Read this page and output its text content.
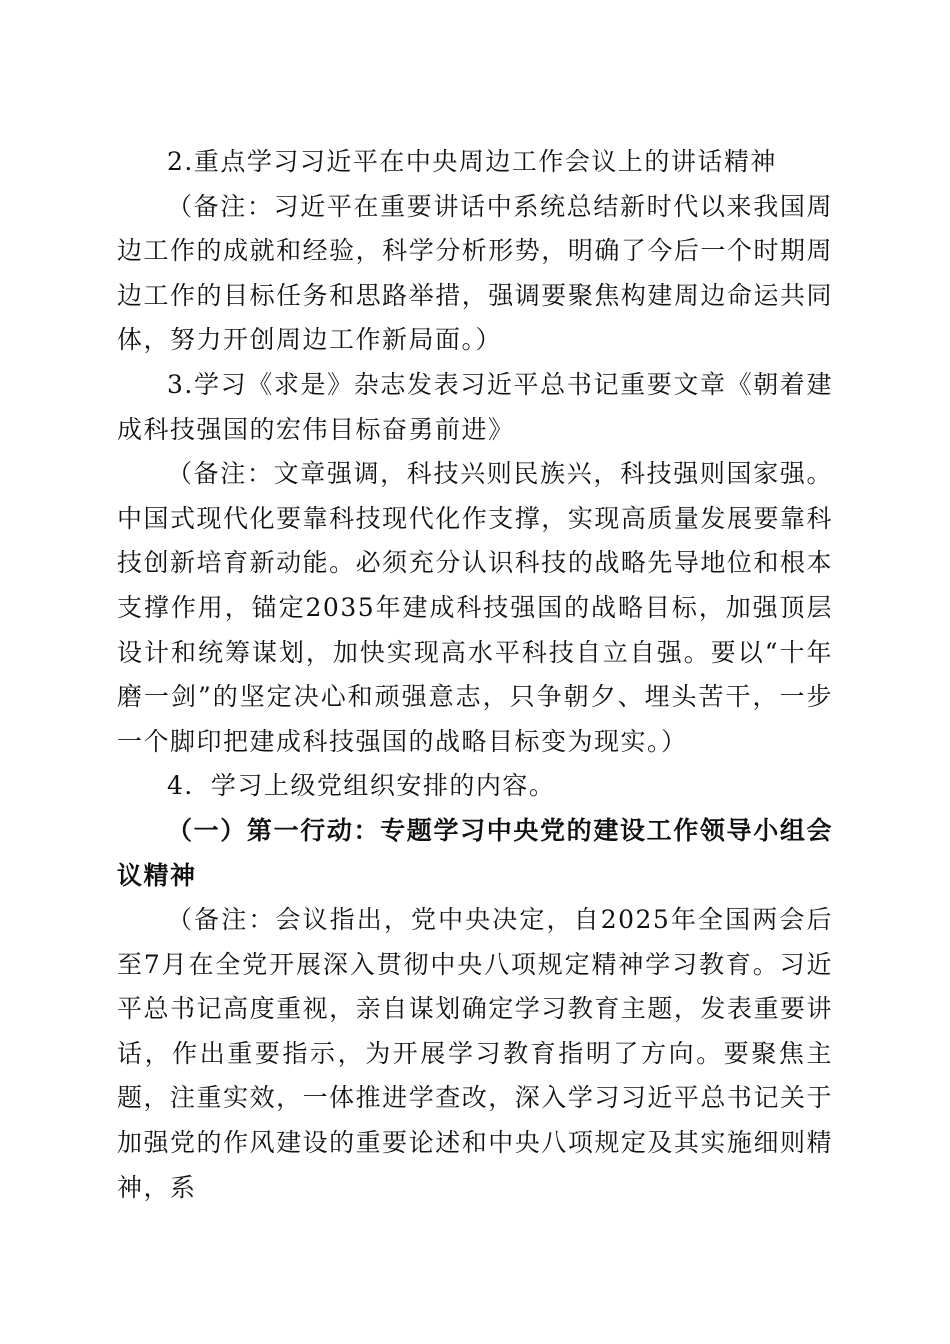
2.重点学习习近平在中央周边工作会议上的讲话精神

（备注：习近平在重要讲话中系统总结新时代以来我国周边工作的成就和经验，科学分析形势，明确了今后一个时期周边工作的目标任务和思路举措，强调要聚焦构建周边命运共同体，努力开创周边工作新局面。）

3.学习《求是》杂志发表习近平总书记重要文章《朝着建成科技强国的宏伟目标奋勇前进》

（备注：文章强调，科技兴则民族兴，科技强则国家强。中国式现代化要靠科技现代化作支撑，实现高质量发展要靠科技创新培育新动能。必须充分认识科技的战略先导地位和根本支撑作用，锚定2035年建成科技强国的战略目标，加强顶层设计和统筹谋划，加快实现高水平科技自立自强。要以“十年磨一剑”的坚定决心和顽强意志，只争朝夕、埋头苦干，一步一个脚印把建成科技强国的战略目标变为现实。）

4．学习上级党组织安排的内容。

（一）第一行动：专题学习中央党的建设工作领导小组会议精神

（备注：会议指出，党中央决定，自2025年全国两会后至7月在全党开展深入贯彻中央八项规定精神学习教育。习近平总书记高度重视，亲自谋划确定学习教育主题，发表重要讲话，作出重要指示，为开展学习教育指明了方向。要聚焦主题，注重实效，一体推进学查改，深入学习习近平总书记关于加强党的作风建设的重要论述和中央八项规定及其实施细则精神，系
